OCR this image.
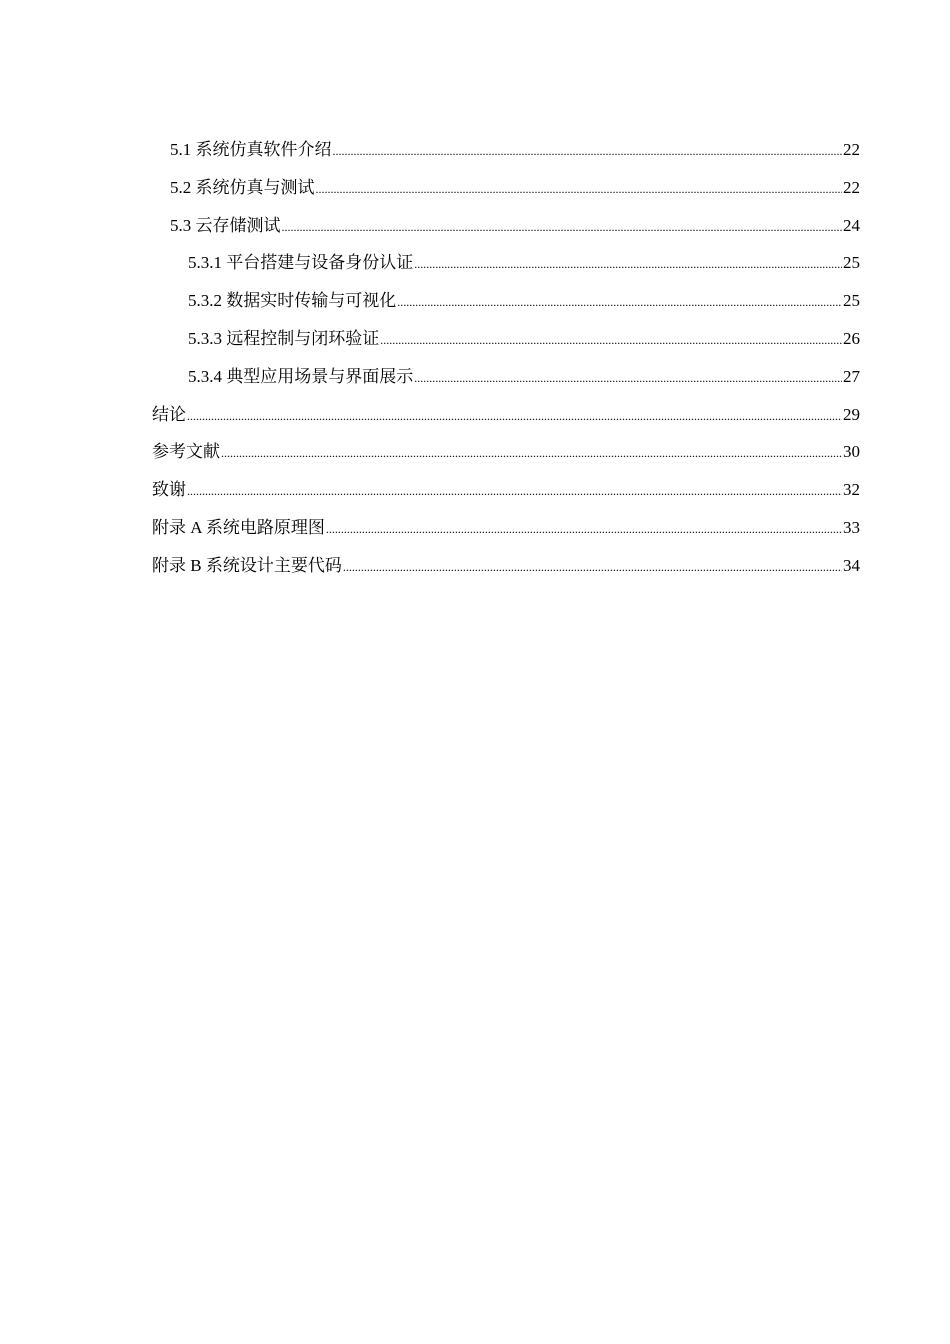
5.1 系统仿真软件介绍 .....	22
5.2 系统仿真与测试 .....	22
5.3 云存储测试 .....	24
5.3.1 平台搭建与设备身份认证 .....	25
5.3.2 数据实时传输与可视化 .....	25
5.3.3 远程控制与闭环验证 .....	26
5.3.4 典型应用场景与界面展示 .....	27
结论 .....	29
参考文献 .....	30
致谢 .....	32
附录 A 系统电路原理图 .....	33
附录 B 系统设计主要代码 .....	34
